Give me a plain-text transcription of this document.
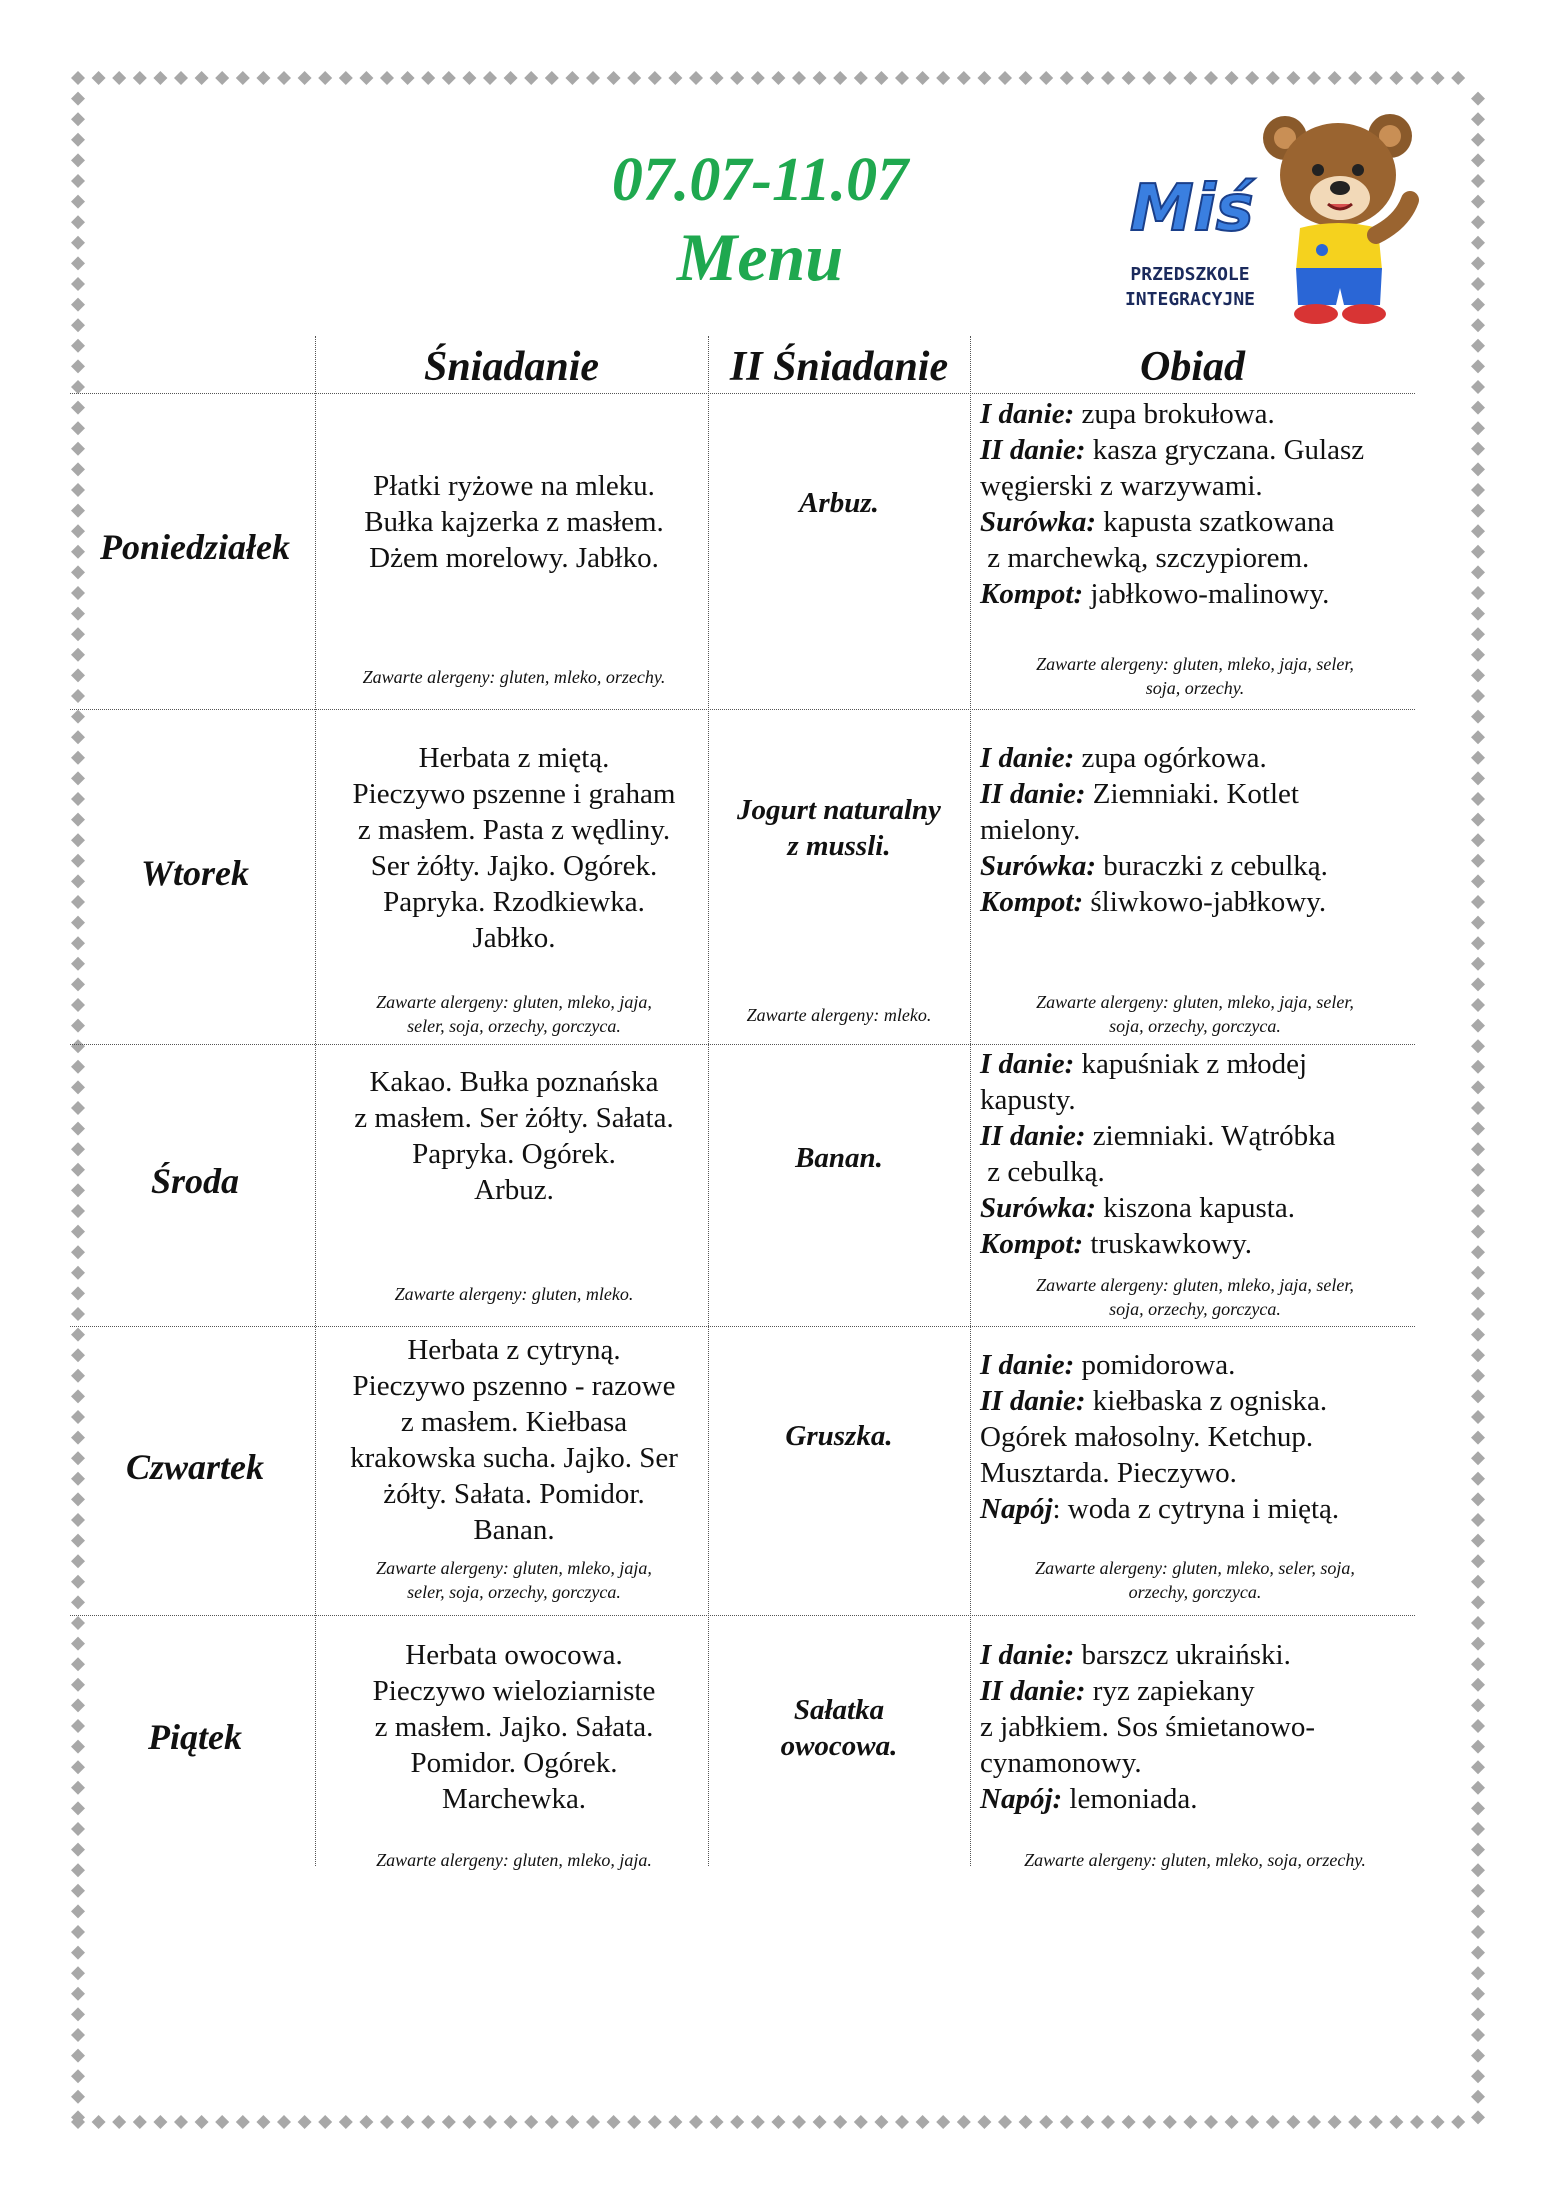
07.07-11.07
Menu
Miś
PRZEDSZKOLE
INTEGRACYJNE
Śniadanie	II Śniadanie	Obiad
Poniedziałek
Płatki ryżowe na mleku.
Bułka kajzerka z masłem.
Dżem morelowy. Jabłko.
Zawarte alergeny: gluten, mleko, orzechy.
Arbuz.
I danie: zupa brokułowa.
II danie: kasza gryczana. Gulasz
węgierski z warzywami.
Surówka: kapusta szatkowana
z marchewką, szczypiorem.
Kompot: jabłkowo-malinowy.
Zawarte alergeny: gluten, mleko, jaja, seler,
soja, orzechy.
Wtorek
Herbata z miętą.
Pieczywo pszenne i graham
z masłem. Pasta z wędliny.
Ser żółty. Jajko. Ogórek.
Papryka. Rzodkiewka.
Jabłko.
Zawarte alergeny: gluten, mleko, jaja,
seler, soja, orzechy, gorczyca.
Jogurt naturalny
z mussli.
Zawarte alergeny: mleko.
I danie: zupa ogórkowa.
II danie: Ziemniaki. Kotlet
mielony.
Surówka: buraczki z cebulką.
Kompot: śliwkowo-jabłkowy.
Zawarte alergeny: gluten, mleko, jaja, seler,
soja, orzechy, gorczyca.
Środa
Kakao. Bułka poznańska
z masłem. Ser żółty. Sałata.
Papryka. Ogórek.
Arbuz.
Zawarte alergeny: gluten, mleko.
Banan.
I danie: kapuśniak z młodej
kapusty.
II danie: ziemniaki. Wątróbka
z cebulką.
Surówka: kiszona kapusta.
Kompot: truskawkowy.
Zawarte alergeny: gluten, mleko, jaja, seler,
soja, orzechy, gorczyca.
Czwartek
Herbata z cytryną.
Pieczywo pszenno - razowe
z masłem. Kiełbasa
krakowska sucha. Jajko. Ser
żółty. Sałata. Pomidor.
Banan.
Zawarte alergeny: gluten, mleko, jaja,
seler, soja, orzechy, gorczyca.
Gruszka.
I danie: pomidorowa.
II danie: kiełbaska z ogniska.
Ogórek małosolny. Ketchup.
Musztarda. Pieczywo.
Napój: woda z cytryna i miętą.
Zawarte alergeny: gluten, mleko, seler, soja,
orzechy, gorczyca.
Piątek
Herbata owocowa.
Pieczywo wieloziarniste
z masłem. Jajko. Sałata.
Pomidor. Ogórek.
Marchewka.
Zawarte alergeny: gluten, mleko, jaja.
Sałatka
owocowa.
I danie: barszcz ukraiński.
II danie: ryz zapiekany
z jabłkiem. Sos śmietanowo-
cynamonowy.
Napój: lemoniada.
Zawarte alergeny: gluten, mleko, soja, orzechy.
